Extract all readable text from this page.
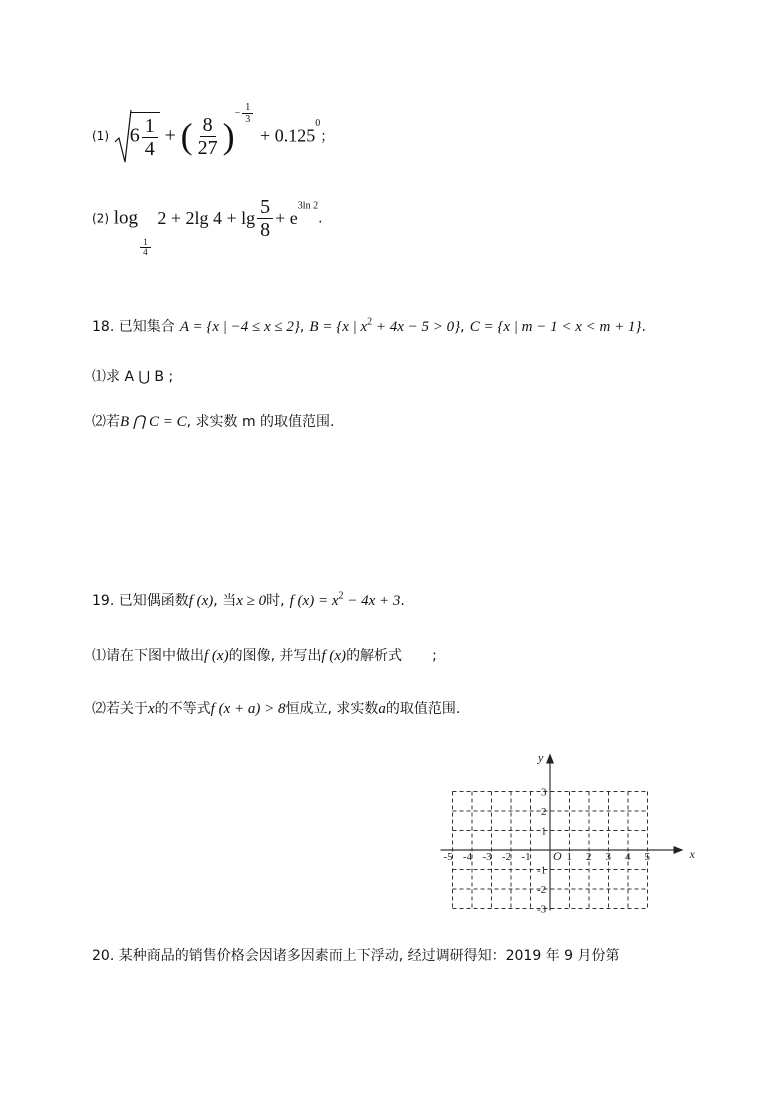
(1) $6 \frac{1}{4}$ + ( $\frac{8}{27}$ )− $\frac{1}{3}$
+ $0.125^0$；
(2) log
$\frac{1}{4}$
2 + 2lg $4 + \lg \frac{5}{8} + e^{3ln 2}$.
18. 已知集合 A = {x | −4 ≤ x ≤ 2}, B = {x | $x^2 + 4x - 5 > 0$}, C = {x | m − 1 < x < m + 1}.
⑴求 A ⋃ B ;
⑵若B ⋂ C = C, 求实数 m 的取值范围.
19. 已知偶函数f (x), 当x ≥ 0时, f $(x) = x^2 - 4x + 3$.
⑴请在下图中做出f (x)的图像, 并写出f (x)的解析式 ;
⑵若关于x的不等式f (x + a) > 8恒成立, 求实数a的取值范围.
x
y
O
-5 -4 -3 -2 -1	1 2 3 4 5
3
2
1
-1
-2
-3
20. 某种商品的销售价格会因诸多因素而上下浮动, 经过调研得知：2019 年 9 月份第
